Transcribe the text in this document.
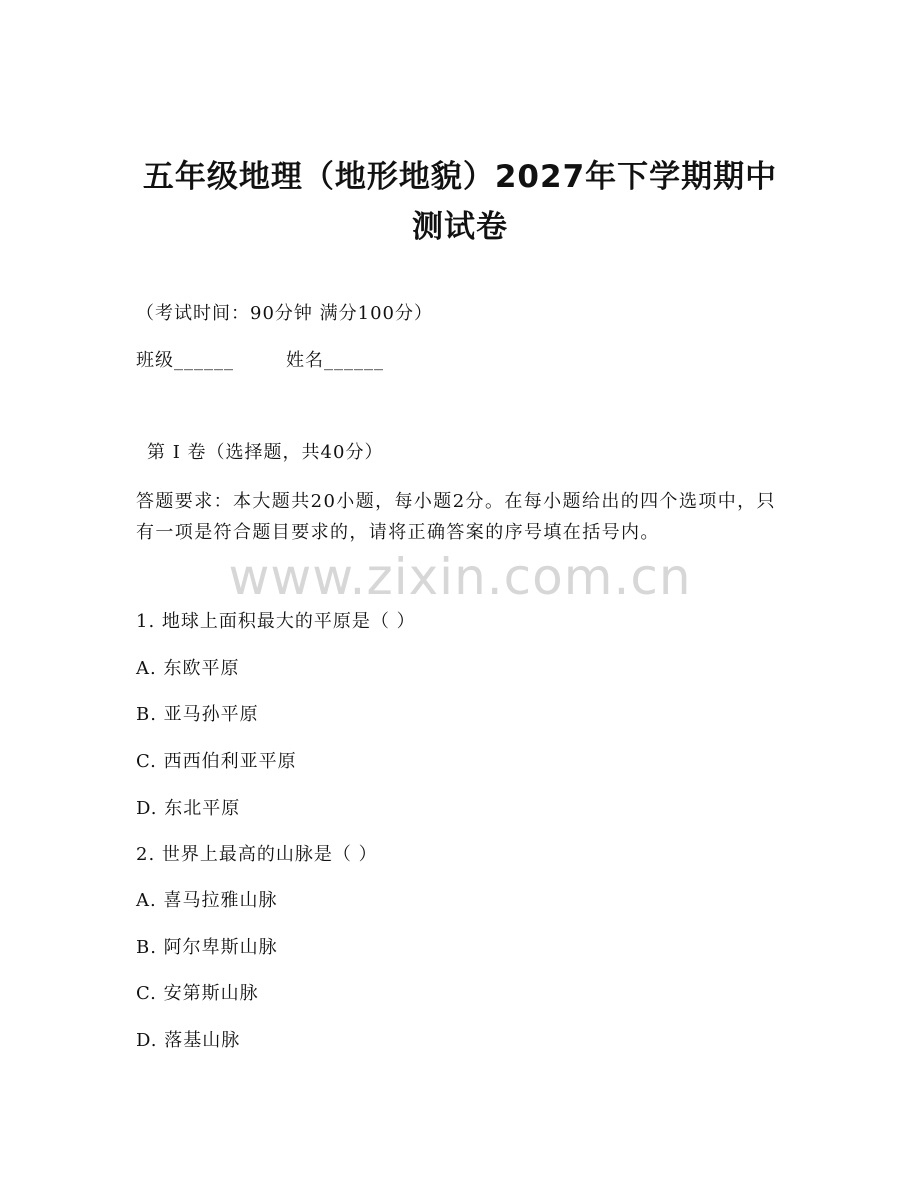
五年级地理（地形地貌）2027年下学期期中
测试卷
（考试时间：90分钟 满分100分）
班级______	姓名______
第 I 卷（选择题，共40分）
答题要求：本大题共20小题，每小题2分。在每小题给出的四个选项中，只有一项是符合题目要求的，请将正确答案的序号填在括号内。
www.zixin.com.cn
1. 地球上面积最大的平原是（ ）
A. 东欧平原
B. 亚马孙平原
C. 西西伯利亚平原
D. 东北平原
2. 世界上最高的山脉是（ ）
A. 喜马拉雅山脉
B. 阿尔卑斯山脉
C. 安第斯山脉
D. 落基山脉
